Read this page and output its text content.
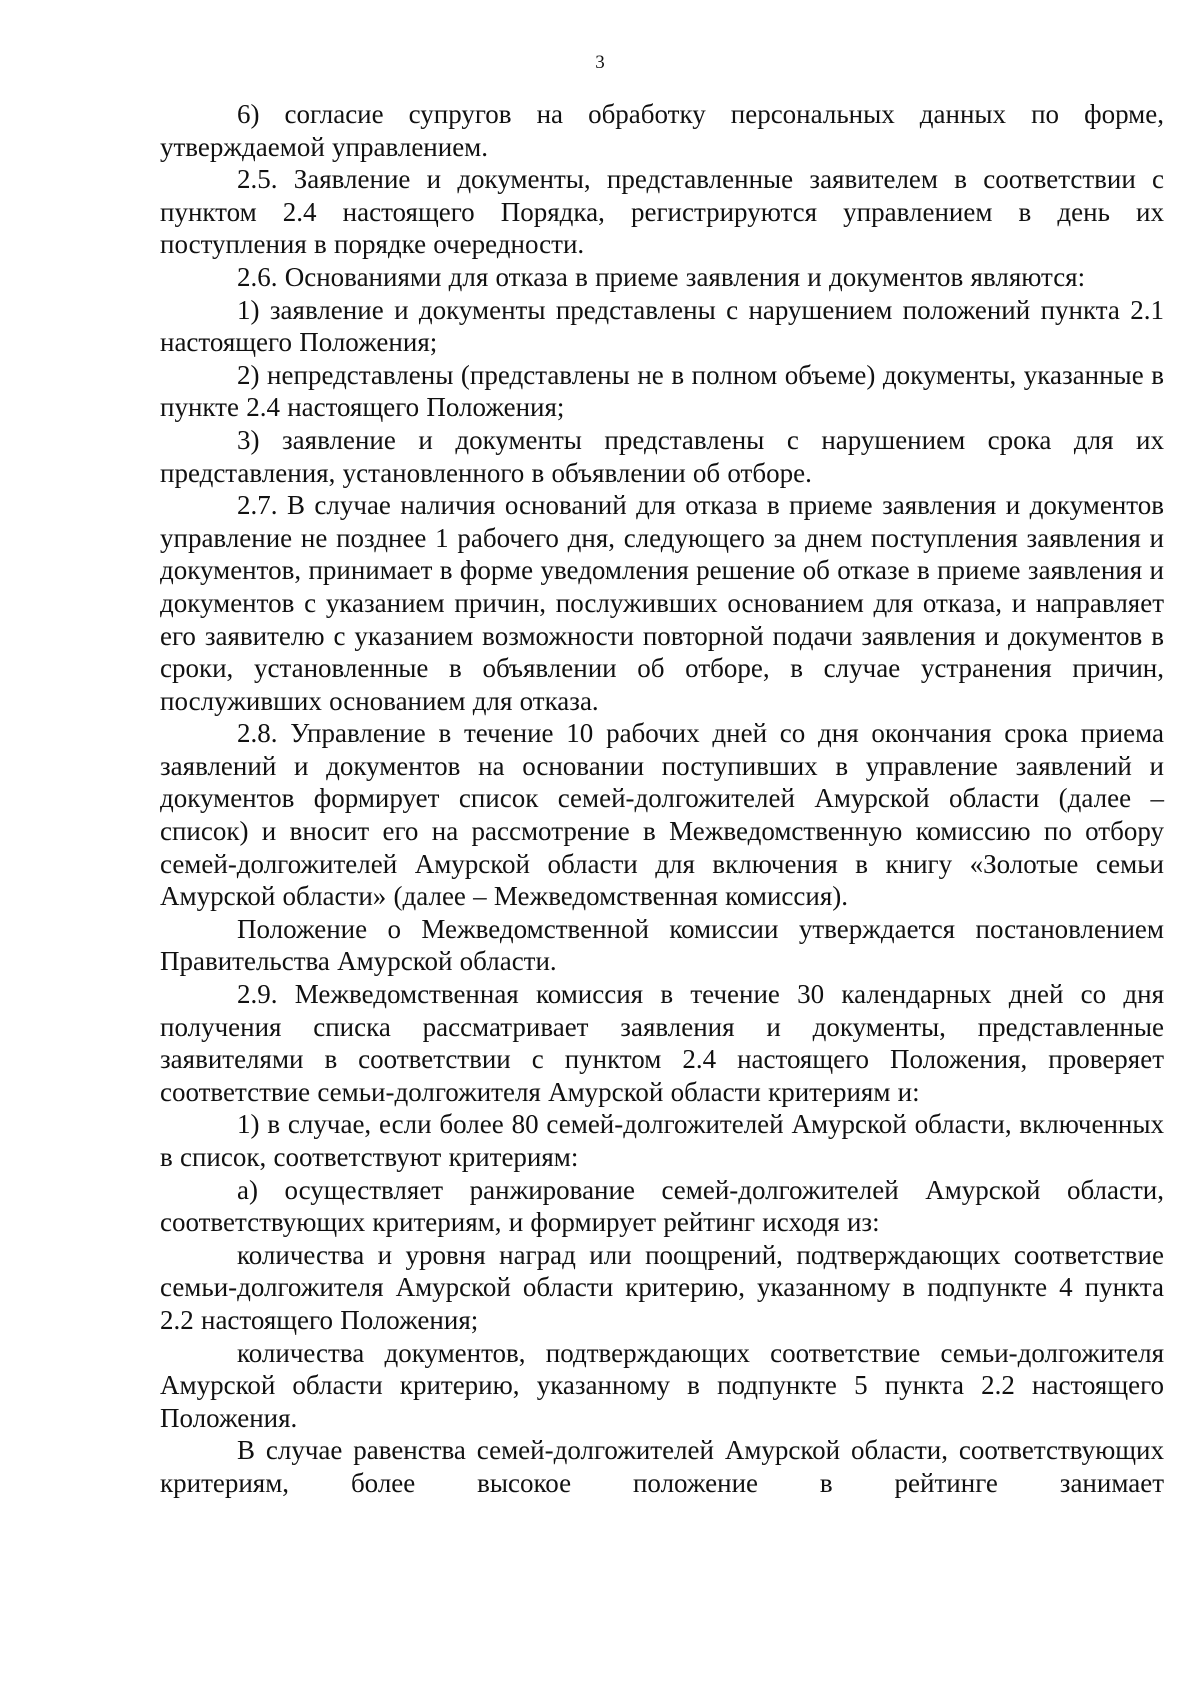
3

6) согласие супругов на обработку персональных данных по форме, утверждаемой управлением.

2.5. Заявление и документы, представленные заявителем в соответствии с пунктом 2.4 настоящего Порядка, регистрируются управлением в день их поступления в порядке очередности.

2.6. Основаниями для отказа в приеме заявления и документов являются:

1) заявление и документы представлены с нарушением положений пункта 2.1 настоящего Положения;

2) непредставлены (представлены не в полном объеме) документы, указанные в пункте 2.4 настоящего Положения;

3) заявление и документы представлены с нарушением срока для их представления, установленного в объявлении об отборе.

2.7. В случае наличия оснований для отказа в приеме заявления и документов управление не позднее 1 рабочего дня, следующего за днем поступления заявления и документов, принимает в форме уведомления решение об отказе в приеме заявления и документов с указанием причин, послуживших основанием для отказа, и направляет его заявителю с указанием возможности повторной подачи заявления и документов в сроки, установленные в объявлении об отборе, в случае устранения причин, послуживших основанием для отказа.

2.8. Управление в течение 10 рабочих дней со дня окончания срока приема заявлений и документов на основании поступивших в управление заявлений и документов формирует список семей-долгожителей Амурской области (далее – список) и вносит его на рассмотрение в Межведомственную комиссию по отбору семей-долгожителей Амурской области для включения в книгу «Золотые семьи Амурской области» (далее – Межведомственная комиссия).

Положение о Межведомственной комиссии утверждается постановлением Правительства Амурской области.

2.9. Межведомственная комиссия в течение 30 календарных дней со дня получения списка рассматривает заявления и документы, представленные заявителями в соответствии с пунктом 2.4 настоящего Положения, проверяет соответствие семьи-долгожителя Амурской области критериям и:

1) в случае, если более 80 семей-долгожителей Амурской области, включенных в список, соответствуют критериям:

а) осуществляет ранжирование семей-долгожителей Амурской области, соответствующих критериям, и формирует рейтинг исходя из:

количества и уровня наград или поощрений, подтверждающих соответствие семьи-долгожителя Амурской области критерию, указанному в подпункте 4 пункта 2.2 настоящего Положения;

количества документов, подтверждающих соответствие семьи-долгожителя Амурской области критерию, указанному в подпункте 5 пункта 2.2 настоящего Положения.

В случае равенства семей-долгожителей Амурской области, соответствующих критериям, более высокое положение в рейтинге занимает
